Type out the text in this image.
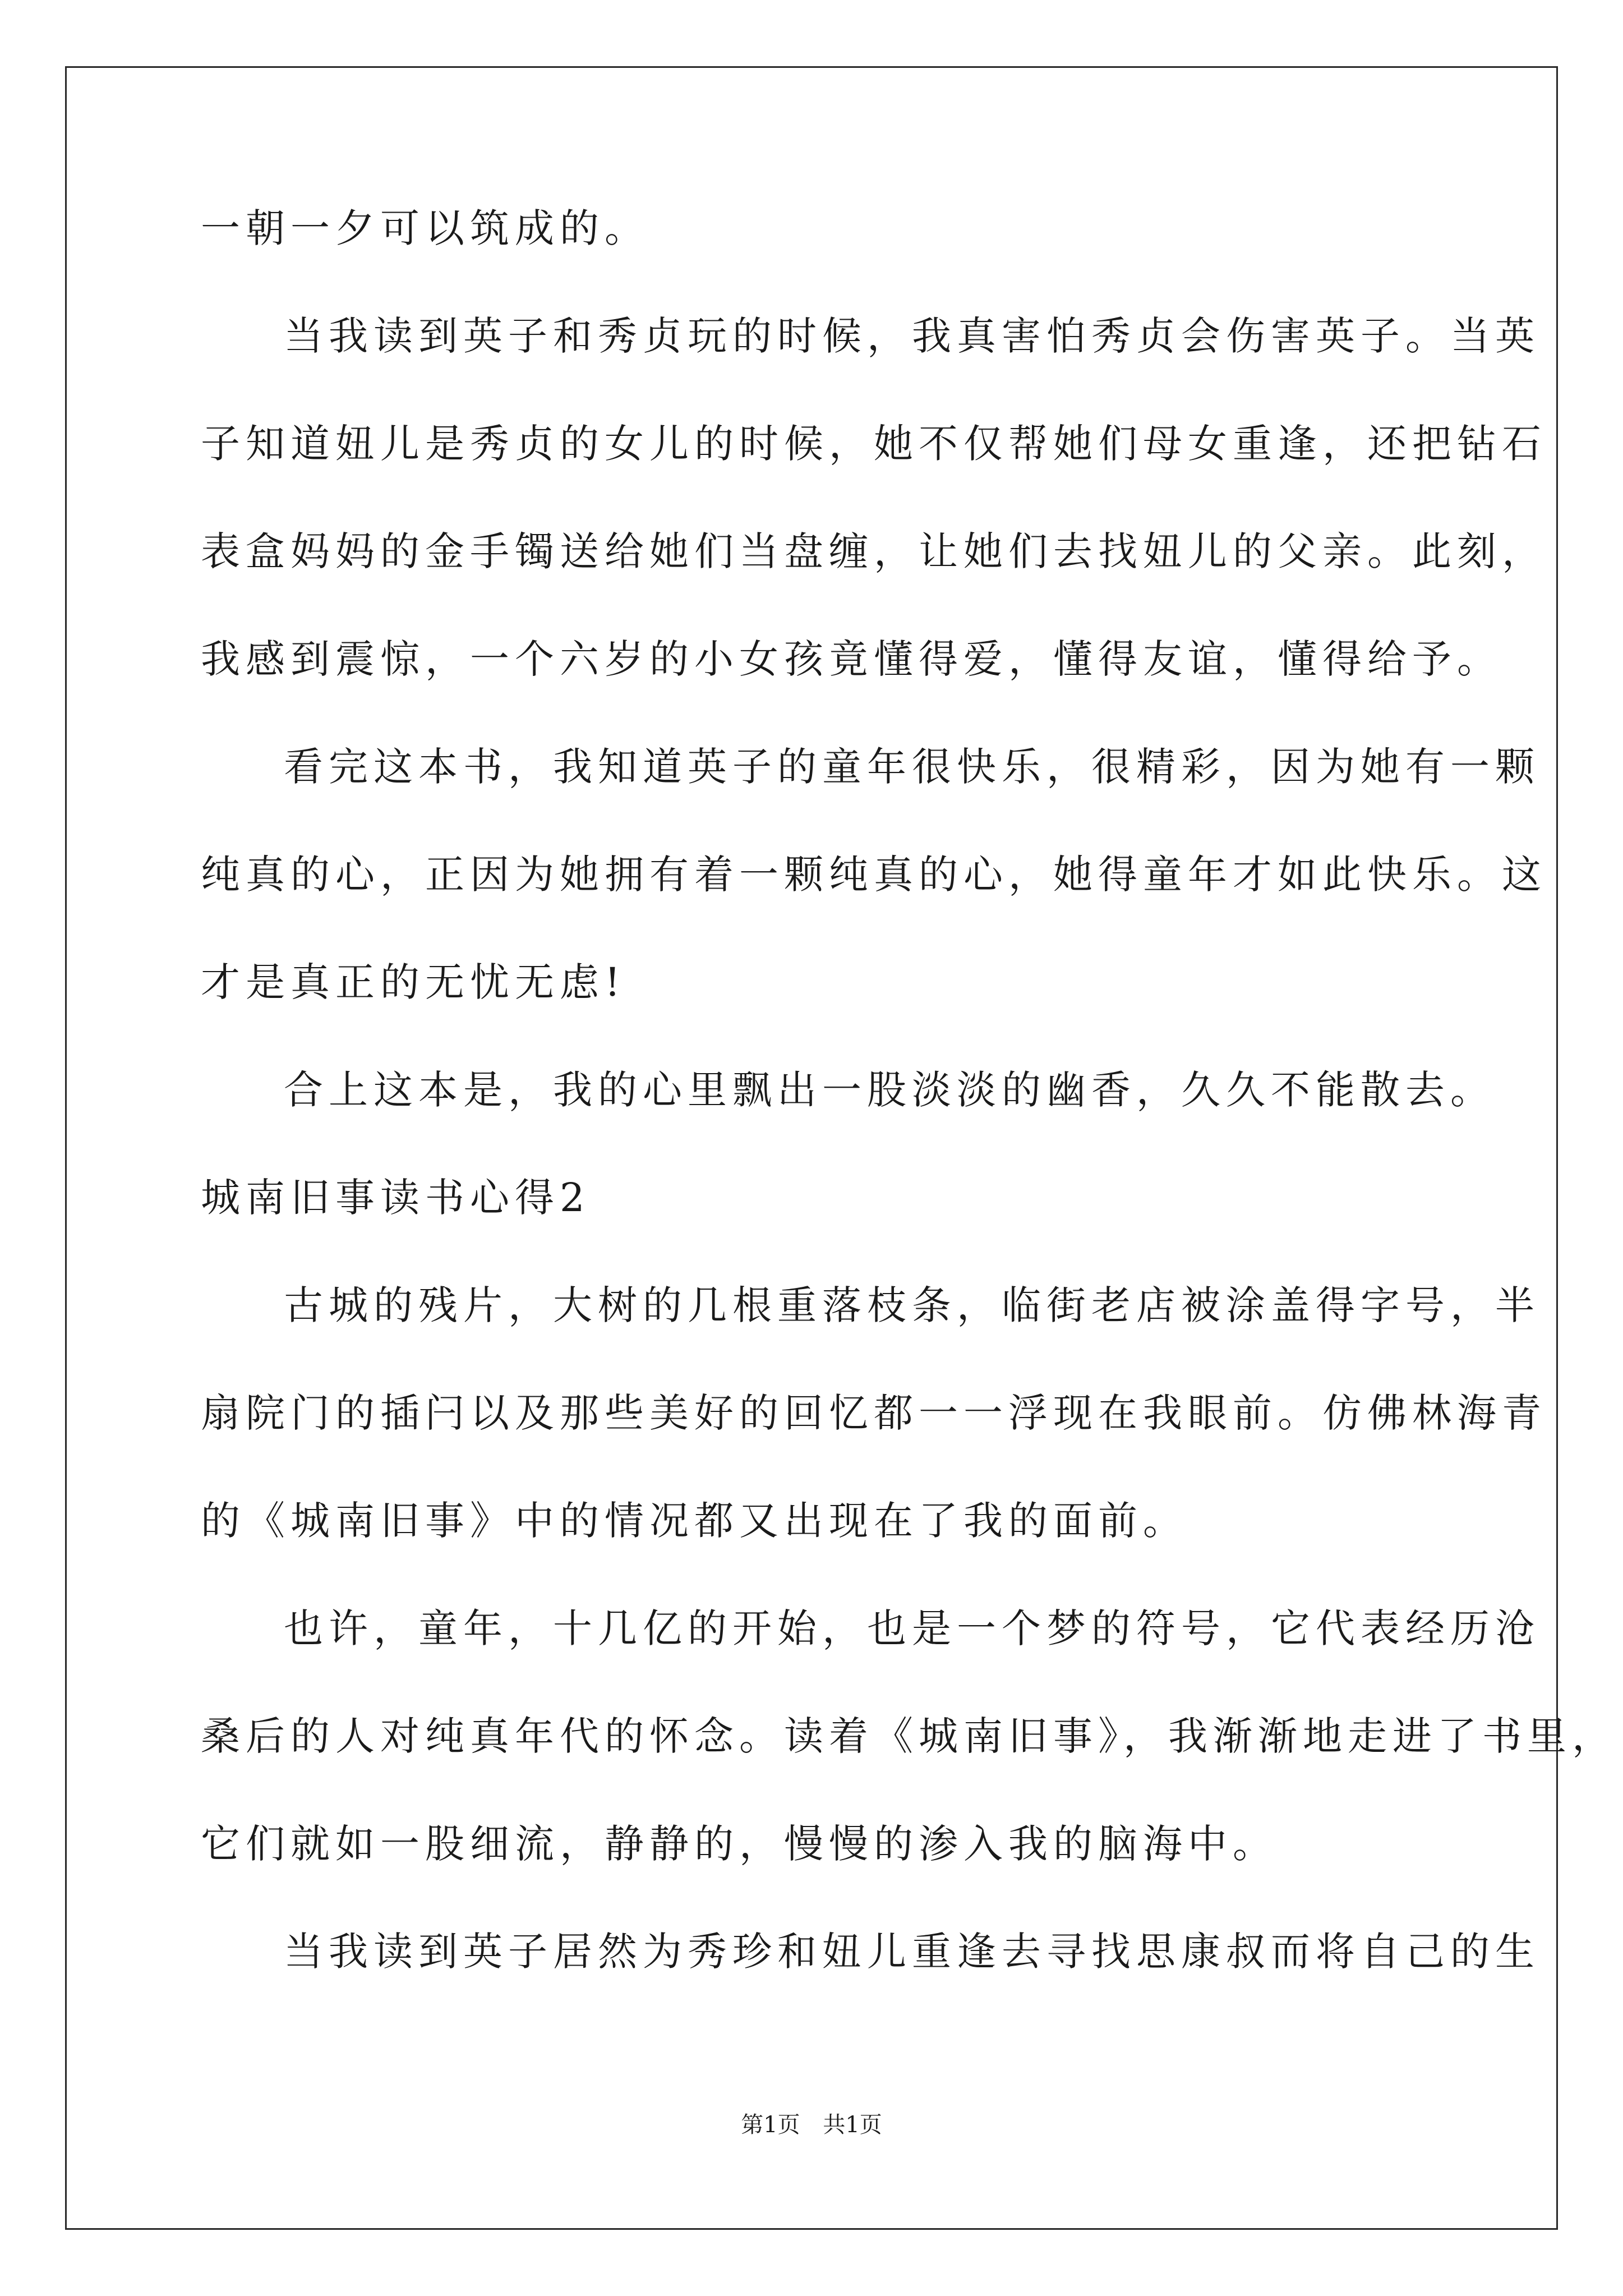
一朝一夕可以筑成的。
当我读到英子和秀贞玩的时候，我真害怕秀贞会伤害英子。当英
子知道妞儿是秀贞的女儿的时候，她不仅帮她们母女重逢，还把钻石
表盒妈妈的金手镯送给她们当盘缠，让她们去找妞儿的父亲。此刻，
我感到震惊，一个六岁的小女孩竟懂得爱，懂得友谊，懂得给予。
看完这本书，我知道英子的童年很快乐，很精彩，因为她有一颗
纯真的心，正因为她拥有着一颗纯真的心，她得童年才如此快乐。这
才是真正的无忧无虑!
合上这本是，我的心里飘出一股淡淡的幽香，久久不能散去。
城南旧事读书心得2
古城的残片，大树的几根重落枝条，临街老店被涂盖得字号，半
扇院门的插闩以及那些美好的回忆都一一浮现在我眼前。仿佛林海青
的《城南旧事》中的情况都又出现在了我的面前。
也许，童年，十几亿的开始，也是一个梦的符号，它代表经历沧
桑后的人对纯真年代的怀念。读着《城南旧事》，我渐渐地走进了书里，
它们就如一股细流，静静的，慢慢的渗入我的脑海中。
当我读到英子居然为秀珍和妞儿重逢去寻找思康叔而将自己的生
第1页 共1页
